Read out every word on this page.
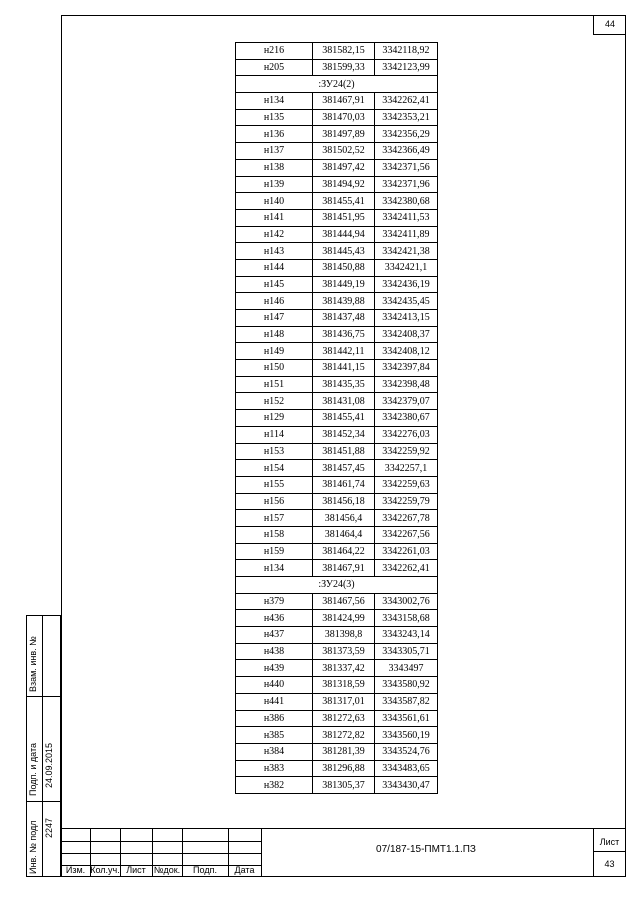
44
н216	381582,15	3342118,92
н205	381599,33	3342123,99
:ЗУ24(2)		
н134	381467,91	3342262,41
н135	381470,03	3342353,21
н136	381497,89	3342356,29
н137	381502,52	3342366,49
н138	381497,42	3342371,56
н139	381494,92	3342371,96
н140	381455,41	3342380,68
н141	381451,95	3342411,53
н142	381444,94	3342411,89
н143	381445,43	3342421,38
н144	381450,88	3342421,1
н145	381449,19	3342436,19
н146	381439,88	3342435,45
н147	381437,48	3342413,15
н148	381436,75	3342408,37
н149	381442,11	3342408,12
н150	381441,15	3342397,84
н151	381435,35	3342398,48
н152	381431,08	3342379,07
н129	381455,41	3342380,67
н114	381452,34	3342276,03
н153	381451,88	3342259,92
н154	381457,45	3342257,1
н155	381461,74	3342259,63
н156	381456,18	3342259,79
н157	381456,4	3342267,78
н158	381464,4	3342267,56
н159	381464,22	3342261,03
н134	381467,91	3342262,41
:ЗУ24(3)		
н379	381467,56	3343002,76
н436	381424,99	3343158,68
н437	381398,8	3343243,14
н438	381373,59	3343305,71
н439	381337,42	3343497
н440	381318,59	3343580,92
н441	381317,01	3343587,82
н386	381272,63	3343561,61
н385	381272,82	3343560,19
н384	381281,39	3343524,76
н383	381296,88	3343483,65
н382	381305,37	3343430,47
Взам. инв. №
Подп. и дата 24.09.2015
Инв. № подл 2247
Изм. Кол.уч. Лист №док.	Подп.	Дата
07/187-15-ПМТ1.1.ПЗ
Лист
43
